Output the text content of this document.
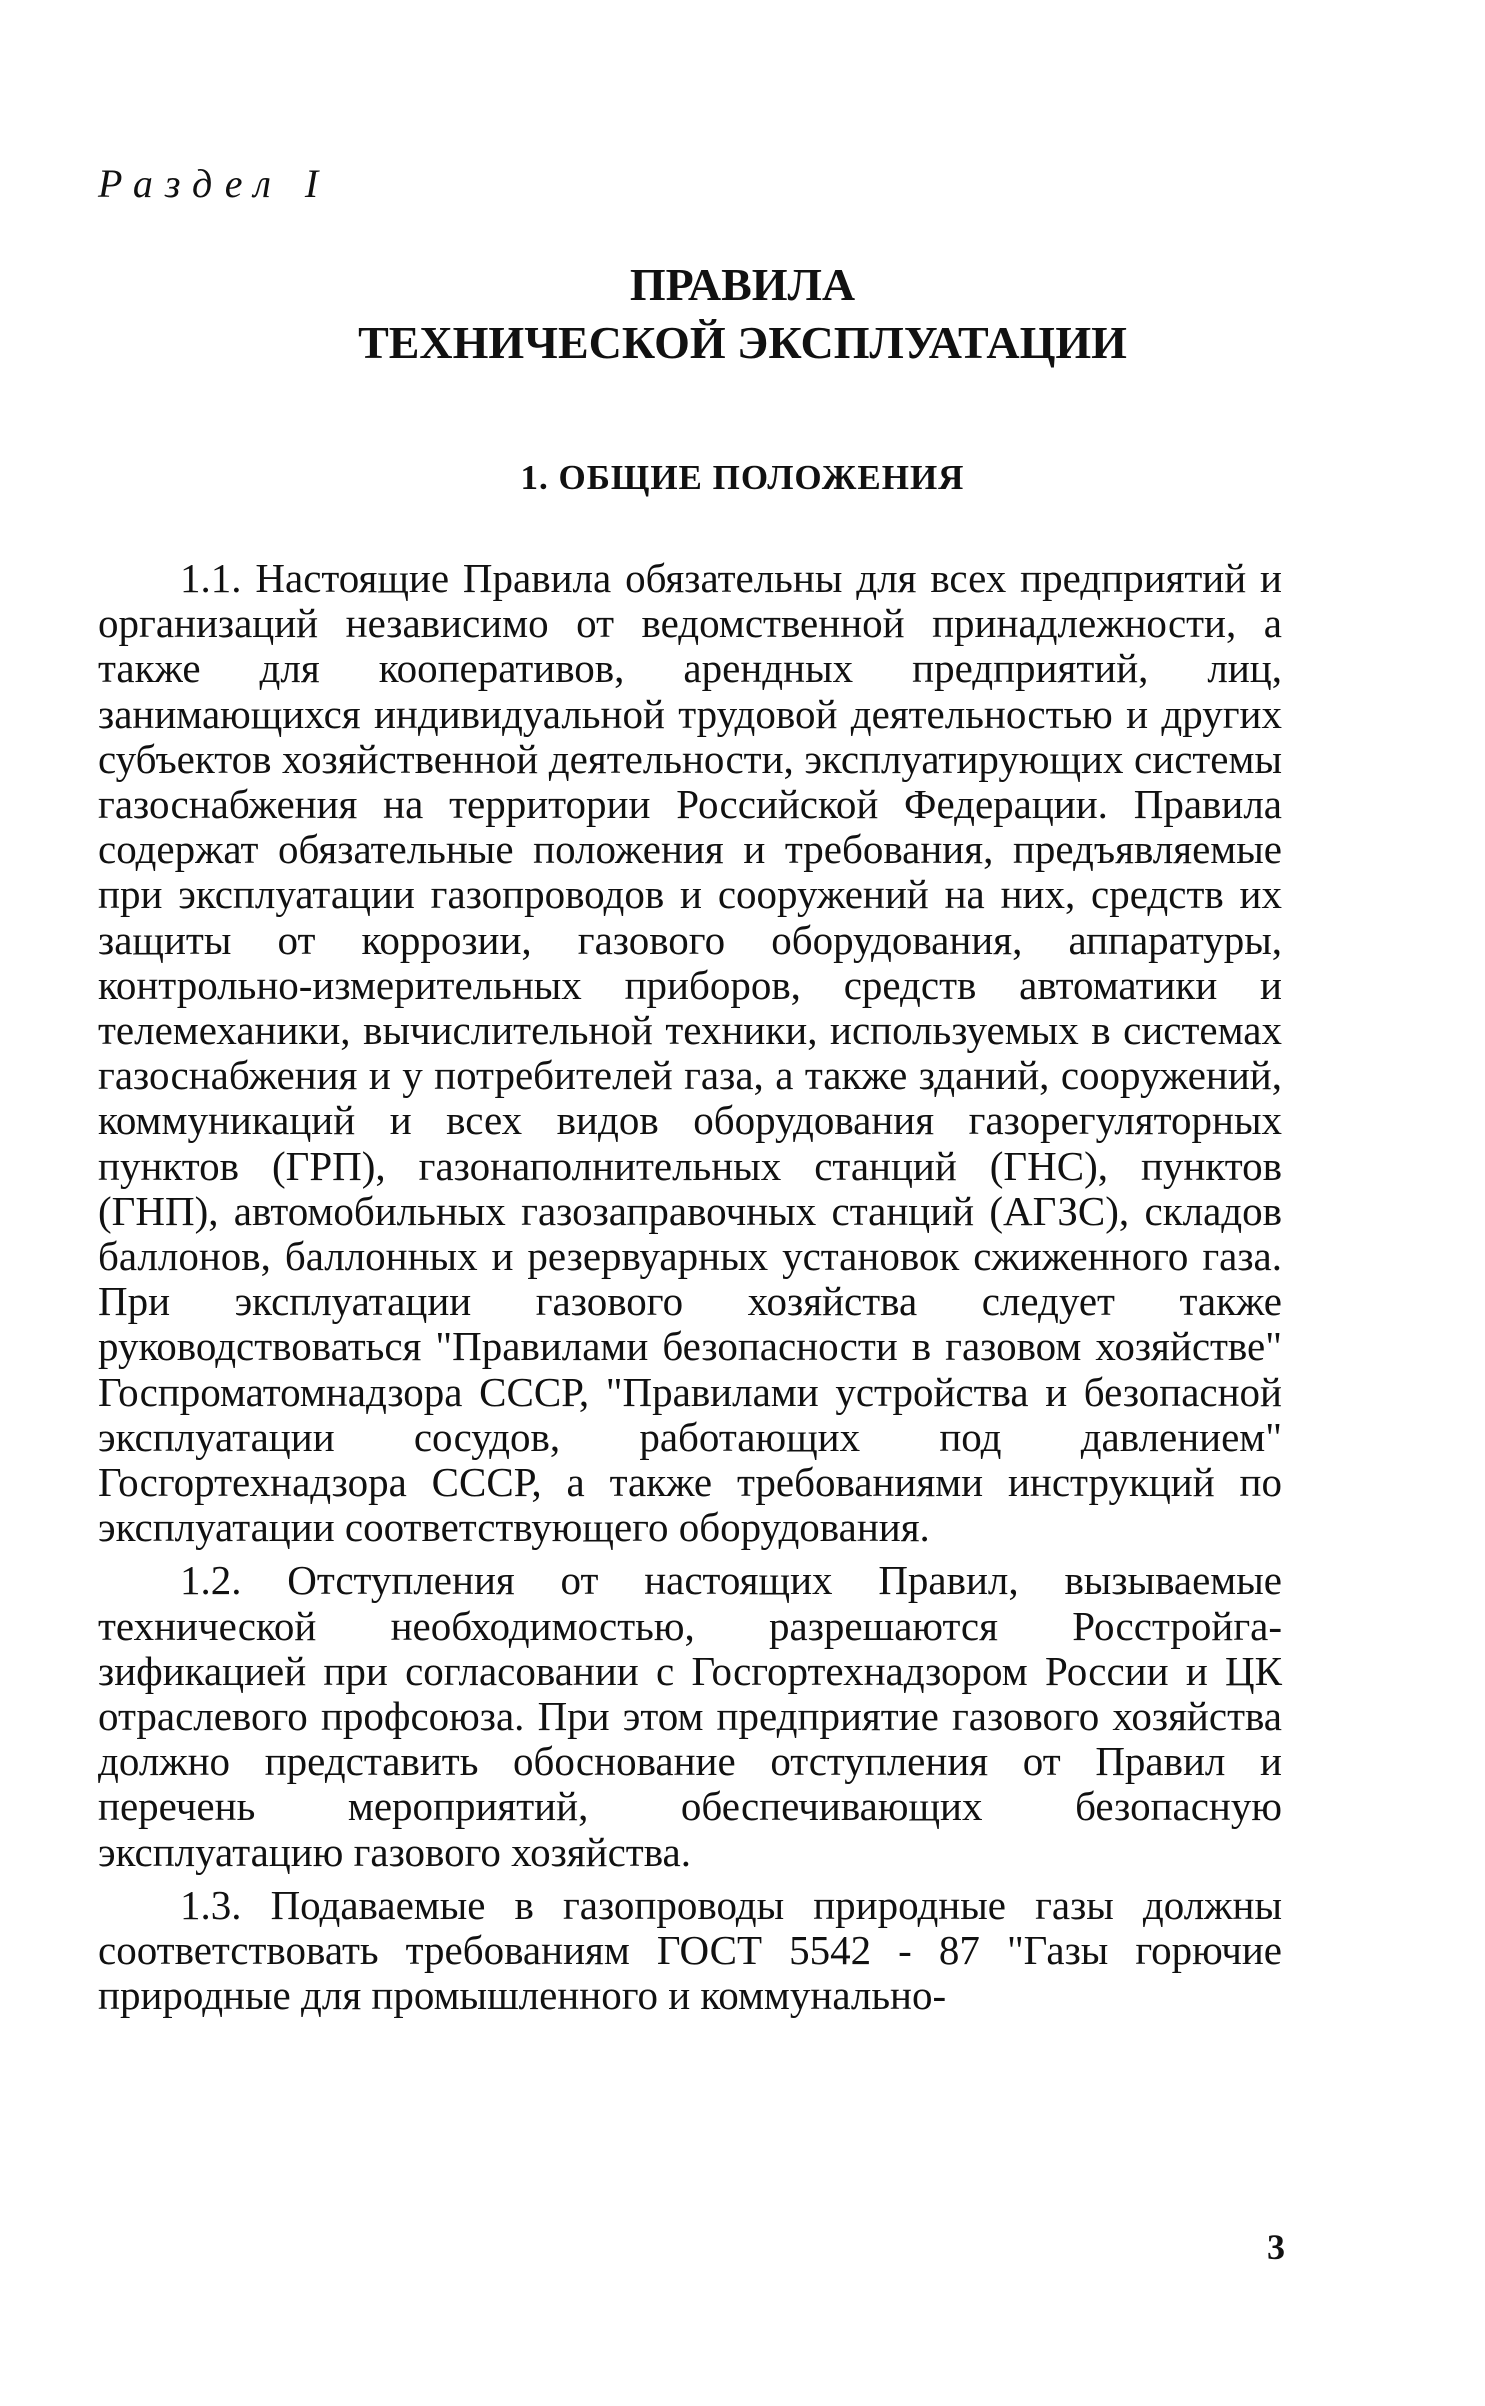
Раздел I
ПРАВИЛА
ТЕХНИЧЕСКОЙ ЭКСПЛУАТАЦИИ
1. ОБЩИЕ ПОЛОЖЕНИЯ

1.1. Настоящие Правила обязательны для всех предприятий и организаций независимо от ведомственной принадлежности, а также для кооперативов, арендных предприятий, лиц, занимающихся индивидуальной трудовой деятельностью и других субъектов хозяйственной деятельности, эксплуатирующих системы газоснабжения на территории Российской Федерации. Правила содержат обязательные положения и требования, предъявляемые при эксплуатации газопроводов и сооружений на них, средств их защиты от коррозии, газового оборудования, аппаратуры, контрольно-измерительных приборов, средств автоматики и телемеханики, вычислительной техники, используемых в системах газоснабжения и у потребителей газа, а также зданий, сооружений, коммуникаций и всех видов оборудования газорегуляторных пунктов (ГРП), газонаполнительных станций (ГНС), пунктов (ГНП), автомобильных газозаправочных станций (АГЗС), складов баллонов, баллонных и резервуарных установок сжиженного газа. При эксплуатации газового хозяйства следует также руководствоваться "Правилами безопасности в газовом хозяйстве" Госпроматомнадзора СССР, "Правилами устройства и безопасной эксплуатации сосудов, работающих под давлением" Госгортехнадзора СССР, а также требованиями инструкций по эксплуатации соответствующего оборудования.

1.2. Отступления от настоящих Правил, вызываемые технической необходимостью, разрешаются Росстройгазификацией при согласовании с Госгортехнадзором России и ЦК отраслевого профсоюза. При этом предприятие газового хозяйства должно представить обоснование отступления от Правил и перечень мероприятий, обеспечивающих безопасную эксплуатацию газового хозяйства.

1.3. Подаваемые в газопроводы природные газы должны соответствовать требованиям ГОСТ 5542 - 87 "Газы горючие природные для промышленного и коммунально-

3
